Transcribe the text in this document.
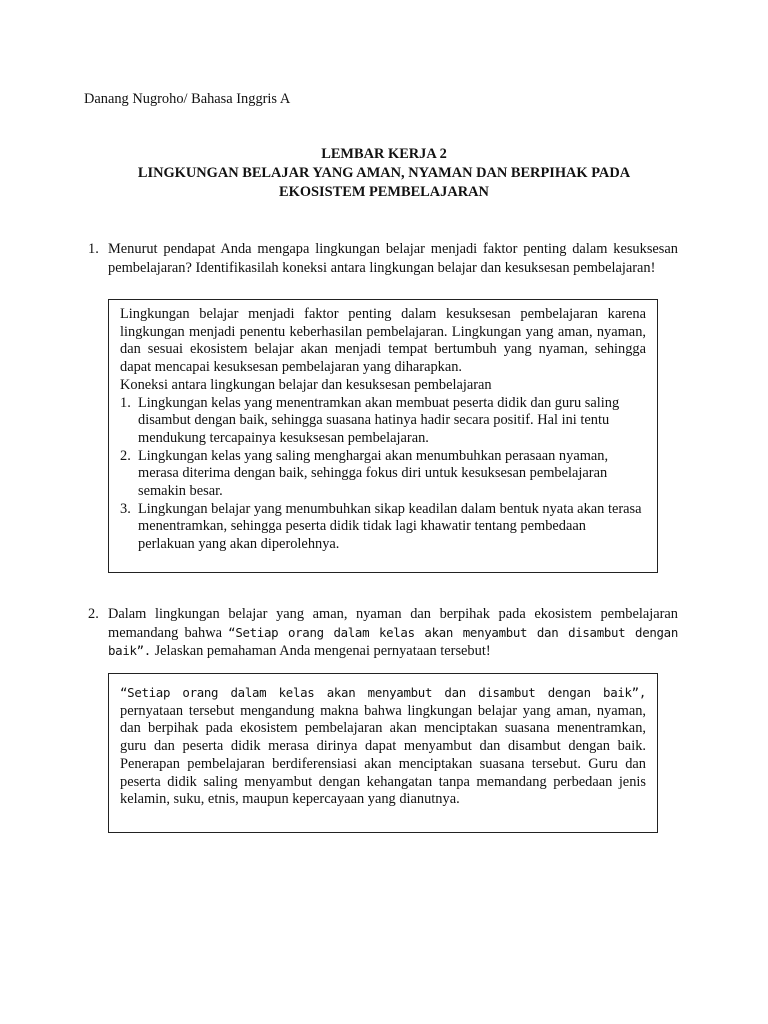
Danang Nugroho/ Bahasa Inggris A
LEMBAR KERJA 2
LINGKUNGAN BELAJAR YANG AMAN, NYAMAN DAN BERPIHAK PADA
EKOSISTEM PEMBELAJARAN
1. Menurut pendapat Anda mengapa lingkungan belajar menjadi faktor penting dalam kesuksesan pembelajaran? Identifikasilah koneksi antara lingkungan belajar dan kesuksesan pembelajaran!

Lingkungan belajar menjadi faktor penting dalam kesuksesan pembelajaran karena lingkungan menjadi penentu keberhasilan pembelajaran. Lingkungan yang aman, nyaman, dan sesuai ekosistem belajar akan menjadi tempat bertumbuh yang nyaman, sehingga dapat mencapai kesuksesan pembelajaran yang diharapkan.

Koneksi antara lingkungan belajar dan kesuksesan pembelajaran

1. Lingkungan kelas yang menentramkan akan membuat peserta didik dan guru saling disambut dengan baik, sehingga suasana hatinya hadir secara positif. Hal ini tentu mendukung tercapainya kesuksesan pembelajaran.
2. Lingkungan kelas yang saling menghargai akan menumbuhkan perasaan nyaman, merasa diterima dengan baik, sehingga fokus diri untuk kesuksesan pembelajaran semakin besar.
3. Lingkungan belajar yang menumbuhkan sikap keadilan dalam bentuk nyata akan terasa menentramkan, sehingga peserta didik tidak lagi khawatir tentang pembedaan perlakuan yang akan diperolehnya.
2. Dalam lingkungan belajar yang aman, nyaman dan berpihak pada ekosistem pembelajaran memandang bahwa “Setiap orang dalam kelas akan menyambut dan disambut dengan baik”. Jelaskan pemahaman Anda mengenai pernyataan tersebut!

“Setiap orang dalam kelas akan menyambut dan disambut dengan baik”, pernyataan tersebut mengandung makna bahwa lingkungan belajar yang aman, nyaman, dan berpihak pada ekosistem pembelajaran akan menciptakan suasana menentramkan, guru dan peserta didik merasa dirinya dapat menyambut dan disambut dengan baik. Penerapan pembelajaran berdiferensiasi akan menciptakan suasana tersebut. Guru dan peserta didik saling menyambut dengan kehangatan tanpa memandang perbedaan jenis kelamin, suku, etnis, maupun kepercayaan yang dianutnya.
